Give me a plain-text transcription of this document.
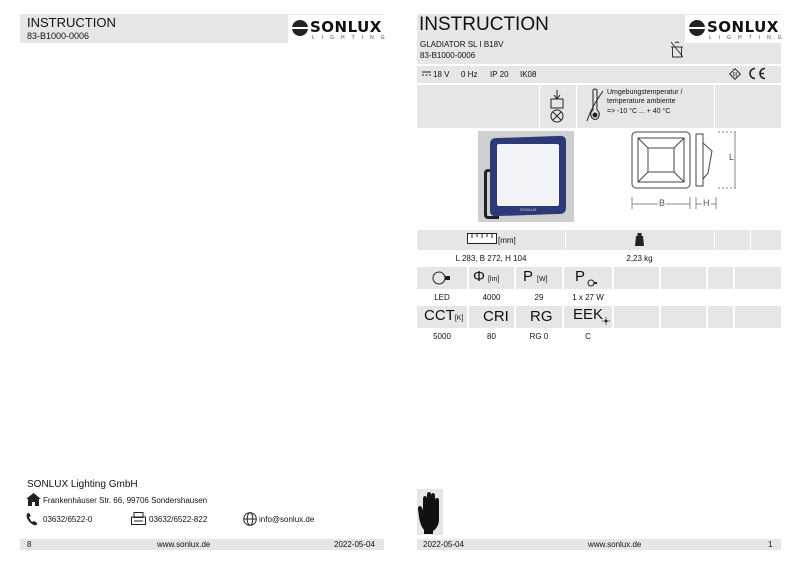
INSTRUCTION
83-B1000-0006	SONLUX
LIGHTING
SONLUX Lighting GmbH
Frankenhäuser Str. 66, 99706 Sondershausen
03632/6522-0	03632/6522-822	info@sonlux.de
8	www.sonlux.de	2022-05-04
INSTRUCTION
GLADIATOR SL I B18V
83-B1000-0006
SONLUX
LIGHTING
18 V 0 Hz IP 20 IK08	III
Umgebungstemperatur /
temperature ambiente
=> -10 °C ... + 40 °C
SONLUX
L
B	H
[mm]
L 283, B 272, H 104	2,23 kg
Φ [lm] P [W] P
LED	4000	29	1 x 27 W
CCT[K] CRI RG EEK
5000	80	RG 0	C
2022-05-04	www.sonlux.de	1
